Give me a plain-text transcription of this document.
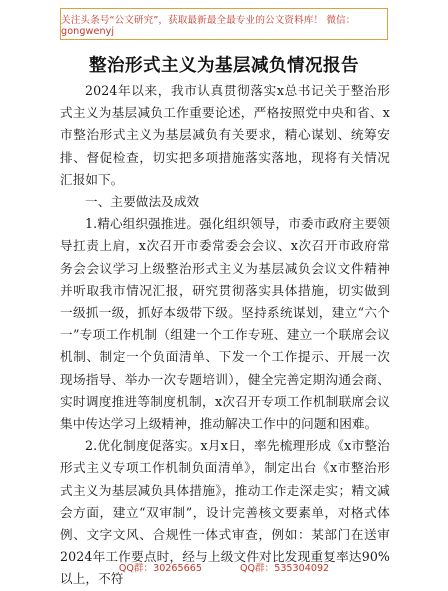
关注头条号“公文研究”，获取最新最全最专业的公文资料库！ 微信：gongwenyj
整治形式主义为基层减负情况报告

2024年以来，我市认真贯彻落实x总书记关于整治形式主义为基层减负工作重要论述，严格按照党中央和省、x市整治形式主义为基层减负有关要求，精心谋划、统筹安排、督促检查，切实把多项措施落实落地，现将有关情况汇报如下。

一、主要做法及成效

1.精心组织强推进。强化组织领导，市委市政府主要领导扛责上肩，x次召开市委常委会会议、x次召开市政府常务会会议学习上级整治形式主义为基层减负会议文件精神并听取我市情况汇报，研究贯彻落实具体措施，切实做到一级抓一级，抓好本级带下级。坚持系统谋划，建立“六个一”专项工作机制（组建一个工作专班、建立一个联席会议机制、制定一个负面清单、下发一个工作提示、开展一次现场指导、举办一次专题培训），健全完善定期沟通会商、实时调度推进等制度机制，x次召开专项工作机制联席会议集中传达学习上级精神，推动解决工作中的问题和困难。

2.优化制度促落实。x月x日，率先梳理形成《x市整治形式主义专项工作机制负面清单》，制定出台《x市整治形式主义为基层减负具体措施》，推动工作走深走实；精文减会方面，建立“双审制”，设计完善核文要素单，对格式体例、文字文风、合规性一体式审查，例如：某部门在送审2024年工作要点时，经与上级文件对比发现重复率达90%以上，不符

QQ群：30265665	QQ群：535304092
